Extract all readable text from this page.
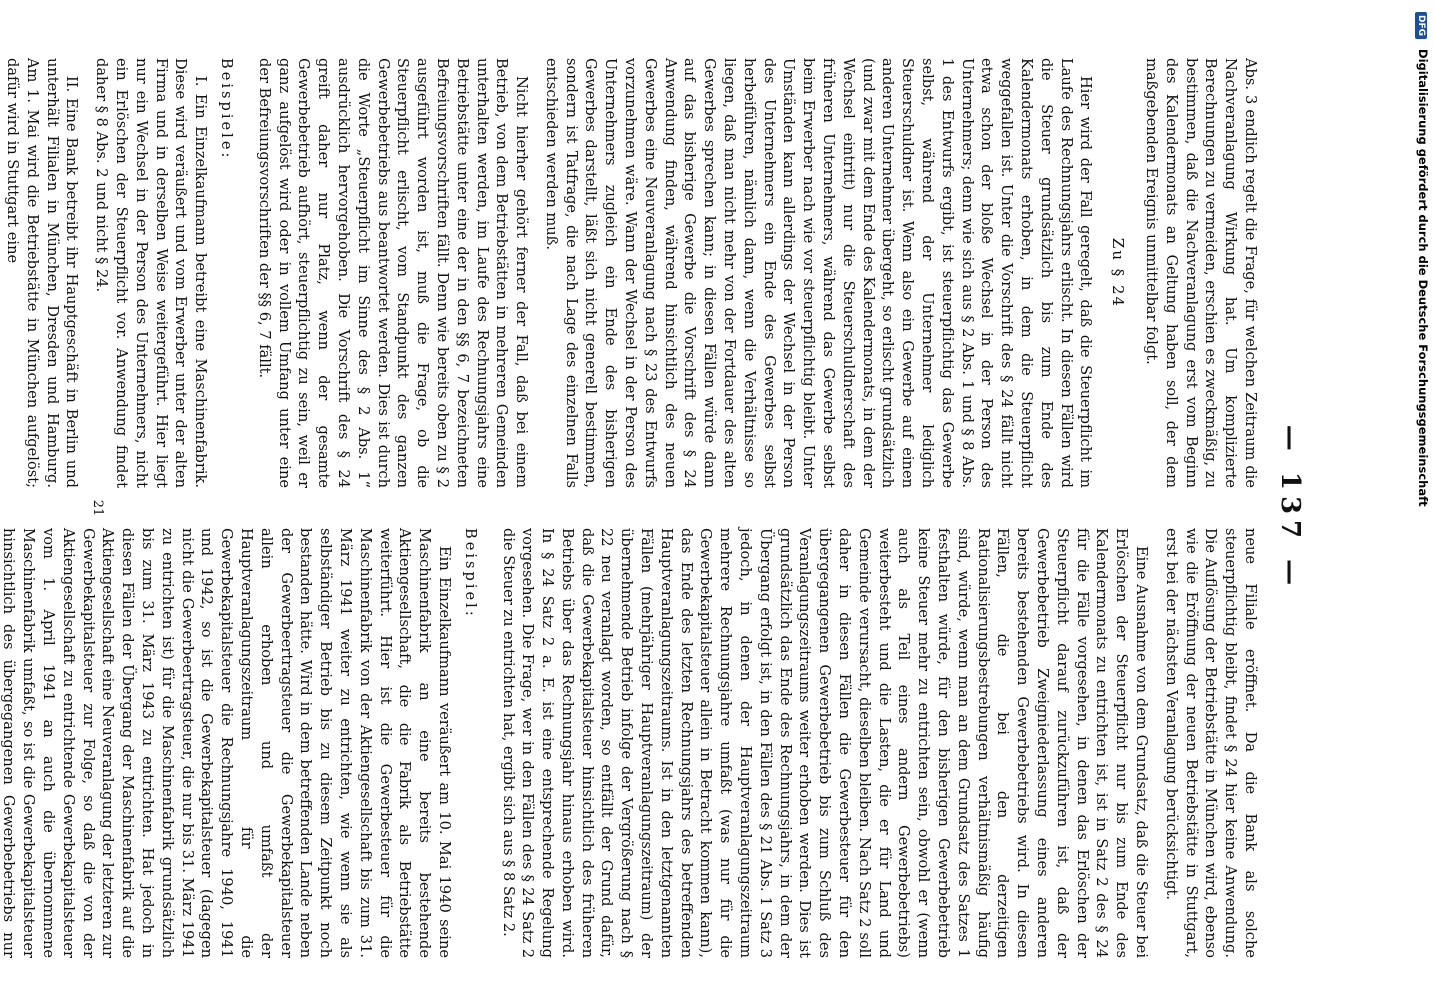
— 137 —

Abs. 3 endlich regelt die Frage, für welchen Zeitraum die Nachveranlagung Wirkung hat. Um komplizierte Berechnungen zu vermeiden, erschien es zweckmäßig, zu bestimmen, daß die Nachveranlagung erst vom Beginn des Kalendermonats an Geltung haben soll, der dem maßgebenden Ereignis unmittelbar folgt.

Zu § 24

Hier wird der Fall geregelt, daß die Steuerpflicht im Laufe des Rechnungsjahrs erlischt. In diesen Fällen wird die Steuer grundsätzlich bis zum Ende des Kalendermonats erhoben, in dem die Steuerpflicht weggefallen ist. Unter die Vorschrift des § 24 fällt nicht etwa schon der bloße Wechsel in der Person des Unternehmers; denn wie sich aus § 2 Abs. 1 und § 8 Abs. 1 des Entwurfs ergibt, ist steuerpflichtig das Gewerbe selbst, während der Unternehmer lediglich Steuerschuldner ist. Wenn also ein Gewerbe auf einen anderen Unternehmer übergeht, so erlischt grundsätzlich (und zwar mit dem Ende des Kalendermonats, in dem der Wechsel eintritt) nur die Steuerschuldnerschaft des früheren Unternehmers, während das Gewerbe selbst beim Erwerber nach wie vor steuerpflichtig bleibt. Unter Umständen kann allerdings der Wechsel in der Person des Unternehmers ein Ende des Gewerbes selbst herbeiführen, nämlich dann, wenn die Verhältnisse so liegen, daß man nicht mehr von der Fortdauer des alten Gewerbes sprechen kann; in diesen Fällen würde dann auf das bisherige Gewerbe die Vorschrift des § 24 Anwendung finden, während hinsichtlich des neuen Gewerbes eine Neuveranlagung nach § 23 des Entwurfs vorzunehmen wäre. Wann der Wechsel in der Person des Unternehmers zugleich ein Ende des bisherigen Gewerbes darstellt, läßt sich nicht generell bestimmen, sondern ist Tatfrage, die nach Lage des einzelnen Falls entschieden werden muß.

Nicht hierher gehört ferner der Fall, daß bei einem Betrieb, von dem Betriebstätten in mehreren Gemeinden unterhalten werden, im Laufe des Rechnungsjahrs eine Betriebstätte unter eine der in den §§ 6, 7 bezeichneten Befreiungsvorschriften fällt. Denn wie bereits oben zu § 2 ausgeführt worden ist, muß die Frage, ob die Steuerpflicht erlischt, vom Standpunkt des ganzen Gewerbebetriebs aus beantwortet werden. Dies ist durch die Worte „Steuerpflicht im Sinne des § 2 Abs. 1“ ausdrücklich hervorgehoben. Die Vorschrift des § 24 greift daher nur Platz, wenn der gesamte Gewerbebetrieb aufhört, steuerpflichtig zu sein, weil er ganz aufgelöst wird oder in vollem Umfang unter eine der Befreiungsvorschriften der §§ 6, 7 fällt.

Beispiele:

I. Ein Einzelkaufmann betreibt eine Maschinenfabrik. Diese wird veräußert und vom Erwerber unter der alten Firma und in derselben Weise weitergeführt. Hier liegt nur ein Wechsel in der Person des Unternehmers, nicht ein Erlöschen der Steuerpflicht vor. Anwendung findet daher § 8 Abs. 2 und nicht § 24.

II. Eine Bank betreibt ihr Hauptgeschäft in Berlin und unterhält Filialen in München, Dresden und Hamburg. Am 1. Mai wird die Betriebstätte in München aufgelöst; dafür wird in Stuttgart eine

neue Filiale eröffnet. Da die Bank als solche steuerpflichtig bleibt, findet § 24 hier keine Anwendung. Die Auflösung der Betriebstätte in München wird, ebenso wie die Eröffnung der neuen Betriebstätte in Stuttgart, erst bei der nächsten Veranlagung berücksichtigt.

Eine Ausnahme von dem Grundsatz, daß die Steuer bei Erlöschen der Steuerpflicht nur bis zum Ende des Kalendermonats zu entrichten ist, ist in Satz 2 des § 24 für die Fälle vorgesehen, in denen das Erlöschen der Steuerpflicht darauf zurückzuführen ist, daß der Gewerbebetrieb Zweigniederlassung eines anderen bereits bestehenden Gewerbebetriebs wird. In diesen Fällen, die bei den derzeitigen Rationalisierungsbestrebungen verhältnismäßig häufig sind, würde, wenn man an dem Grundsatz des Satzes 1 festhalten würde, für den bisherigen Gewerbebetrieb keine Steuer mehr zu entrichten sein, obwohl er (wenn auch als Teil eines andern Gewerbebetriebs) weiterbesteht und die Lasten, die er für Land und Gemeinde verursacht, dieselben bleiben. Nach Satz 2 soll daher in diesen Fällen die Gewerbesteuer für den übergegangenen Gewerbebetrieb bis zum Schluß des Veranlagungszeitraums weiter erhoben werden. Dies ist grundsätzlich das Ende des Rechnungsjahrs, in dem der Übergang erfolgt ist, in den Fällen des § 21 Abs. 1 Satz 3 jedoch, in denen der Hauptveranlagungszeitraum mehrere Rechnungsjahre umfaßt (was nur für die Gewerbekapitalsteuer allein in Betracht kommen kann), das Ende des letzten Rechnungsjahrs des betreffenden Hauptveranlagungszeitraums. Ist in den letztgenannten Fällen (mehrjähriger Hauptveranlagungszeitraum) der übernehmende Betrieb infolge der Vergrößerung nach § 22 neu veranlagt worden, so entfällt der Grund dafür, daß die Gewerbekapitalsteuer hinsichtlich des früheren Betriebs über das Rechnungsjahr hinaus erhoben wird. In § 24 Satz 2 a. E. ist eine entsprechende Regelung vorgesehen. Die Frage, wer in den Fällen des § 24 Satz 2 die Steuer zu entrichten hat, ergibt sich aus § 8 Satz 2.

Beispiel:

Ein Einzelkaufmann veräußert am 10. Mai 1940 seine Maschinenfabrik an eine bereits bestehende Aktiengesellschaft, die die Fabrik als Betriebstätte weiterführt. Hier ist die Gewerbesteuer für die Maschinenfabrik von der Aktiengesellschaft bis zum 31. März 1941 weiter zu entrichten, wie wenn sie als selbständiger Betrieb bis zu diesem Zeitpunkt noch bestanden hätte. Wird in dem betreffenden Lande neben der Gewerbeertragsteuer die Gewerbekapitalsteuer allein erhoben und umfaßt der Hauptveranlagungszeitraum für die Gewerbekapitalsteuer die Rechnungsjahre 1940, 1941 und 1942, so ist die Gewerbekapitalsteuer (dagegen nicht die Gewerbeertragsteuer, die nur bis 31. März 1941 zu entrichten ist) für die Maschinenfabrik grundsätzlich bis zum 31. März 1943 zu entrichten. Hat jedoch in diesen Fällen der Übergang der Maschinenfabrik auf die Aktiengesellschaft eine Neuveranlagung der letzteren zur Gewerbekapitalsteuer zur Folge, so daß die von der Aktiengesellschaft zu entrichtende Gewerbekapitalsteuer vom 1. April 1941 an auch die übernommene Maschinenfabrik umfaßt, so ist die Gewerbekapitalsteuer hinsichtlich des übergegangenen Gewerbebetriebs nur

21
DFG Digitalisierung gefördert durch die Deutsche Forschungsgemeinschaft
